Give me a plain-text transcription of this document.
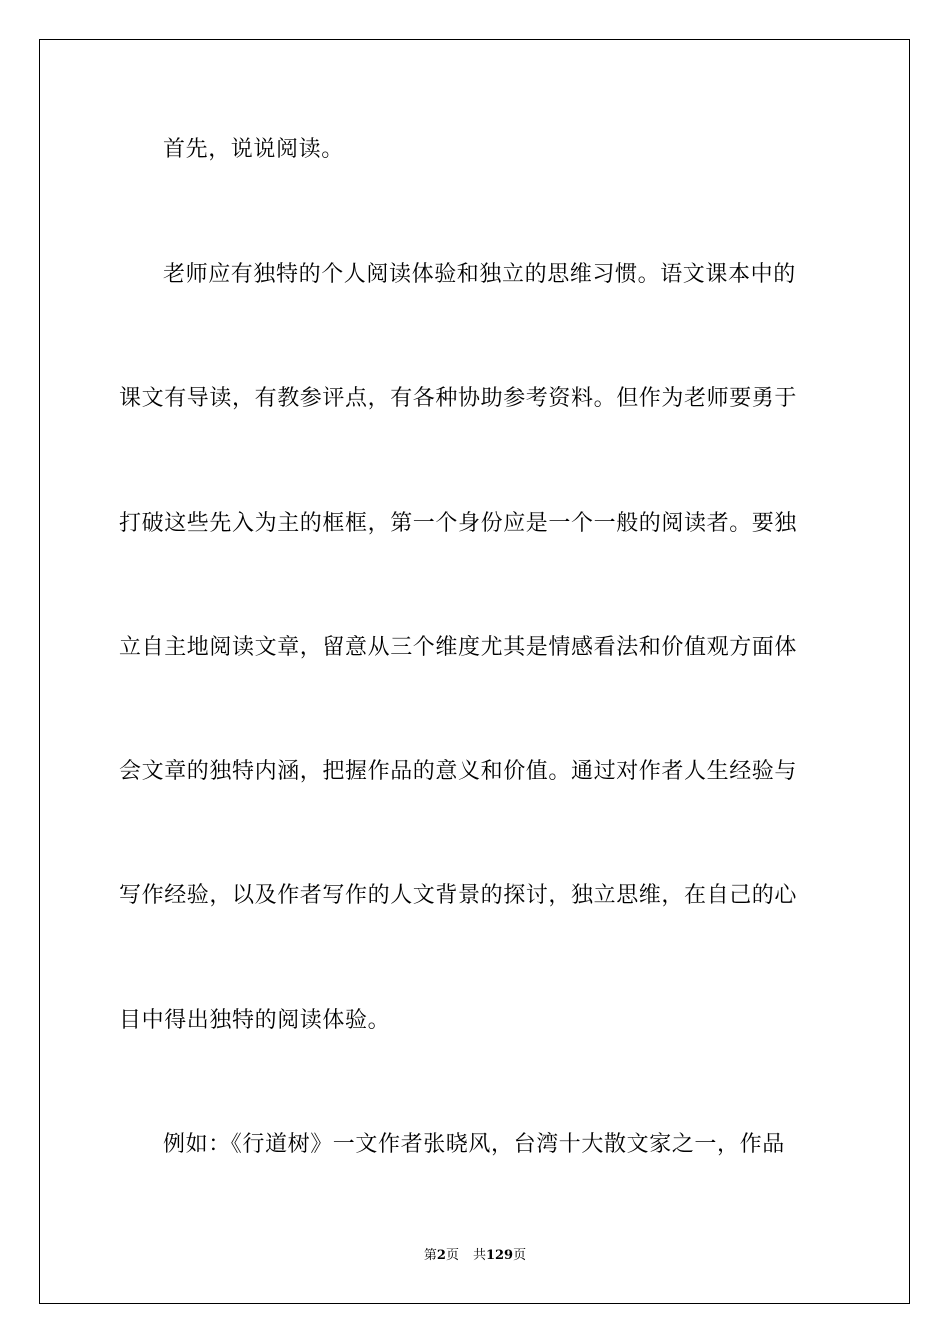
首先，说说阅读。
老师应有独特的个人阅读体验和独立的思维习惯。语文课本中的
课文有导读，有教参评点，有各种协助参考资料。但作为老师要勇于
打破这些先入为主的框框，第一个身份应是一个一般的阅读者。要独
立自主地阅读文章，留意从三个维度尤其是情感看法和价值观方面体
会文章的独特内涵，把握作品的意义和价值。通过对作者人生经验与
写作经验，以及作者写作的人文背景的探讨，独立思维，在自己的心
目中得出独特的阅读体验。
例如：《行道树》一文作者张晓风，台湾十大散文家之一，作品
第2页 共129页
